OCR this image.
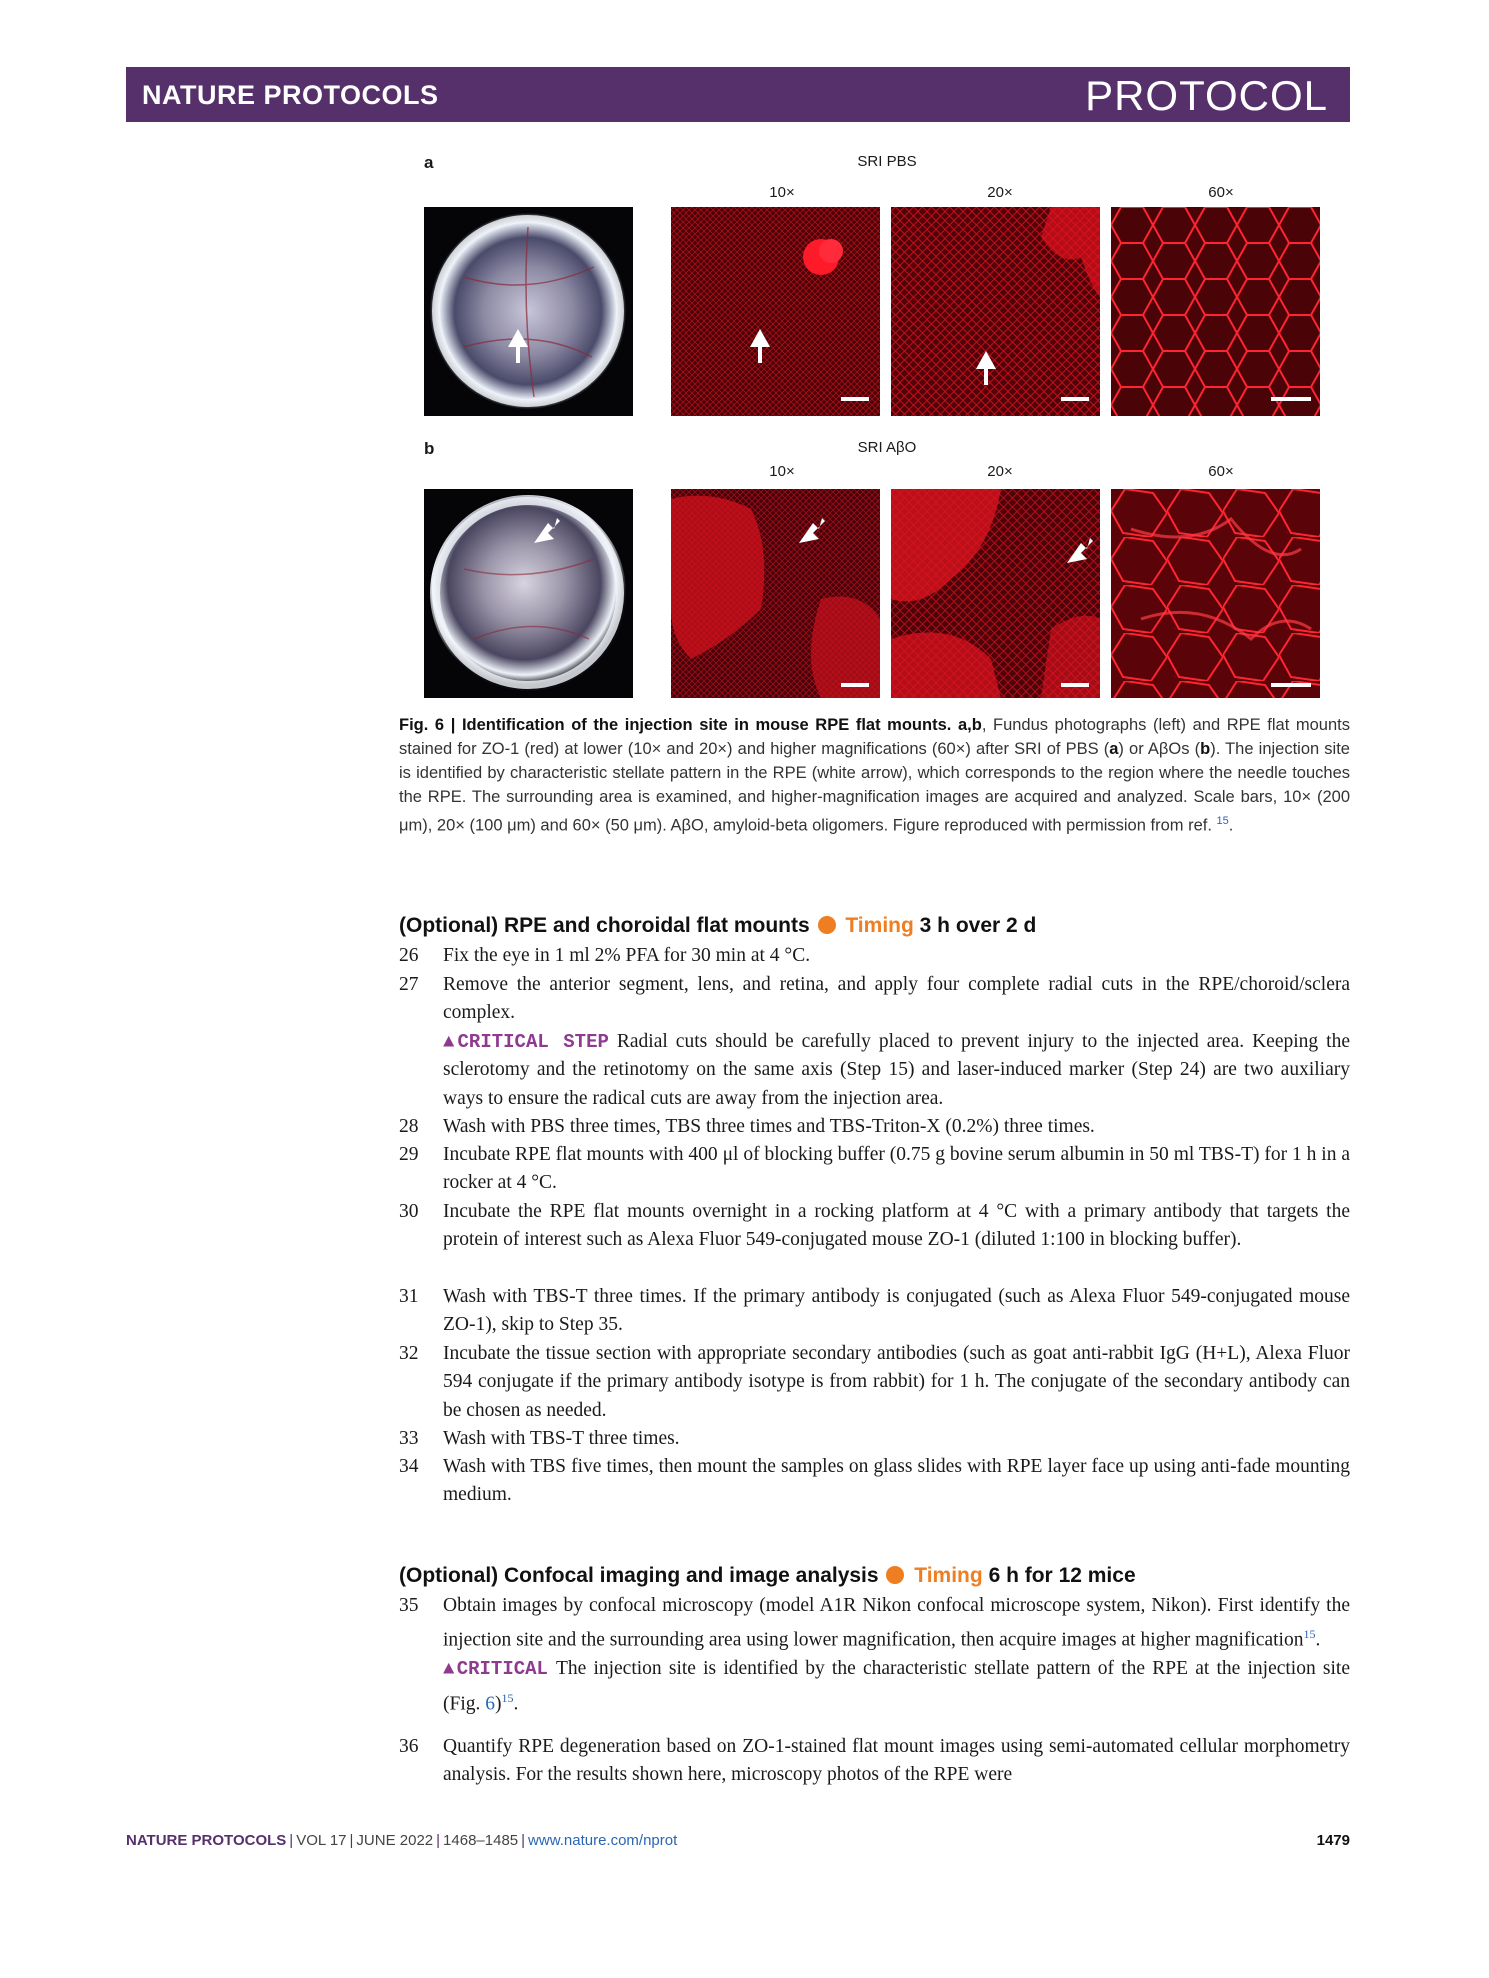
NATURE PROTOCOLS	PROTOCOL
a	SRI PBS
10×	20×	60×
b	SRI AβO
10×	20×	60×
Fig. 6 | Identification of the injection site in mouse RPE flat mounts. a,b, Fundus photographs (left) and RPE flat mounts stained for ZO-1 (red) at lower (10× and 20×) and higher magnifications (60×) after SRI of PBS (a) or AβOs (b). The injection site is identified by characteristic stellate pattern in the RPE (white arrow), which corresponds to the region where the needle touches the RPE. The surrounding area is examined, and higher-magnification images are acquired and analyzed. Scale bars, 10× (200 μm), 20× (100 μm) and 60× (50 μm). AβO, amyloid-beta oligomers. Figure reproduced with permission from ref. $^{15}$.
(Optional) RPE and choroidal flat mounts Timing 3 h over 2 d
26	Fix the eye in 1 ml 2% PFA for 30 min at 4 °C.
27	Remove the anterior segment, lens, and retina, and apply four complete radial cuts in the RPE/choroid/sclera complex.
▲CRITICAL STEP Radial cuts should be carefully placed to prevent injury to the injected area. Keeping the sclerotomy and the retinotomy on the same axis (Step 15) and laser-induced marker (Step 24) are two auxiliary ways to ensure the radical cuts are away from the injection area.
28	Wash with PBS three times, TBS three times and TBS-Triton-X (0.2%) three times.
29	Incubate RPE flat mounts with 400 μl of blocking buffer (0.75 g bovine serum albumin in 50 ml TBS-T) for 1 h in a rocker at 4 °C.
30	Incubate the RPE flat mounts overnight in a rocking platform at 4 °C with a primary antibody that targets the protein of interest such as Alexa Fluor 549-conjugated mouse ZO-1 (diluted 1:100 in blocking buffer).
31	Wash with TBS-T three times. If the primary antibody is conjugated (such as Alexa Fluor 549-conjugated mouse ZO-1), skip to Step 35.
32	Incubate the tissue section with appropriate secondary antibodies (such as goat anti-rabbit IgG (H+L), Alexa Fluor 594 conjugate if the primary antibody isotype is from rabbit) for 1 h. The conjugate of the secondary antibody can be chosen as needed.
33	Wash with TBS-T three times.
34	Wash with TBS five times, then mount the samples on glass slides with RPE layer face up using anti-fade mounting medium.
(Optional) Confocal imaging and image analysis Timing 6 h for 12 mice
35	Obtain images by confocal microscopy (model A1R Nikon confocal microscope system, Nikon). First identify the injection site and the surrounding area using lower magnification, then acquire images at higher magnification$^{15}$.
▲CRITICAL The injection site is identified by the characteristic stellate pattern of the RPE at the injection site (Fig. 6)$^{15}$.
36	Quantify RPE degeneration based on ZO-1-stained flat mount images using semi-automated cellular morphometry analysis. For the results shown here, microscopy photos of the RPE were
NATURE PROTOCOLS | VOL 17 | JUNE 2022 | 1468–1485 | www.nature.com/nprot	1479
